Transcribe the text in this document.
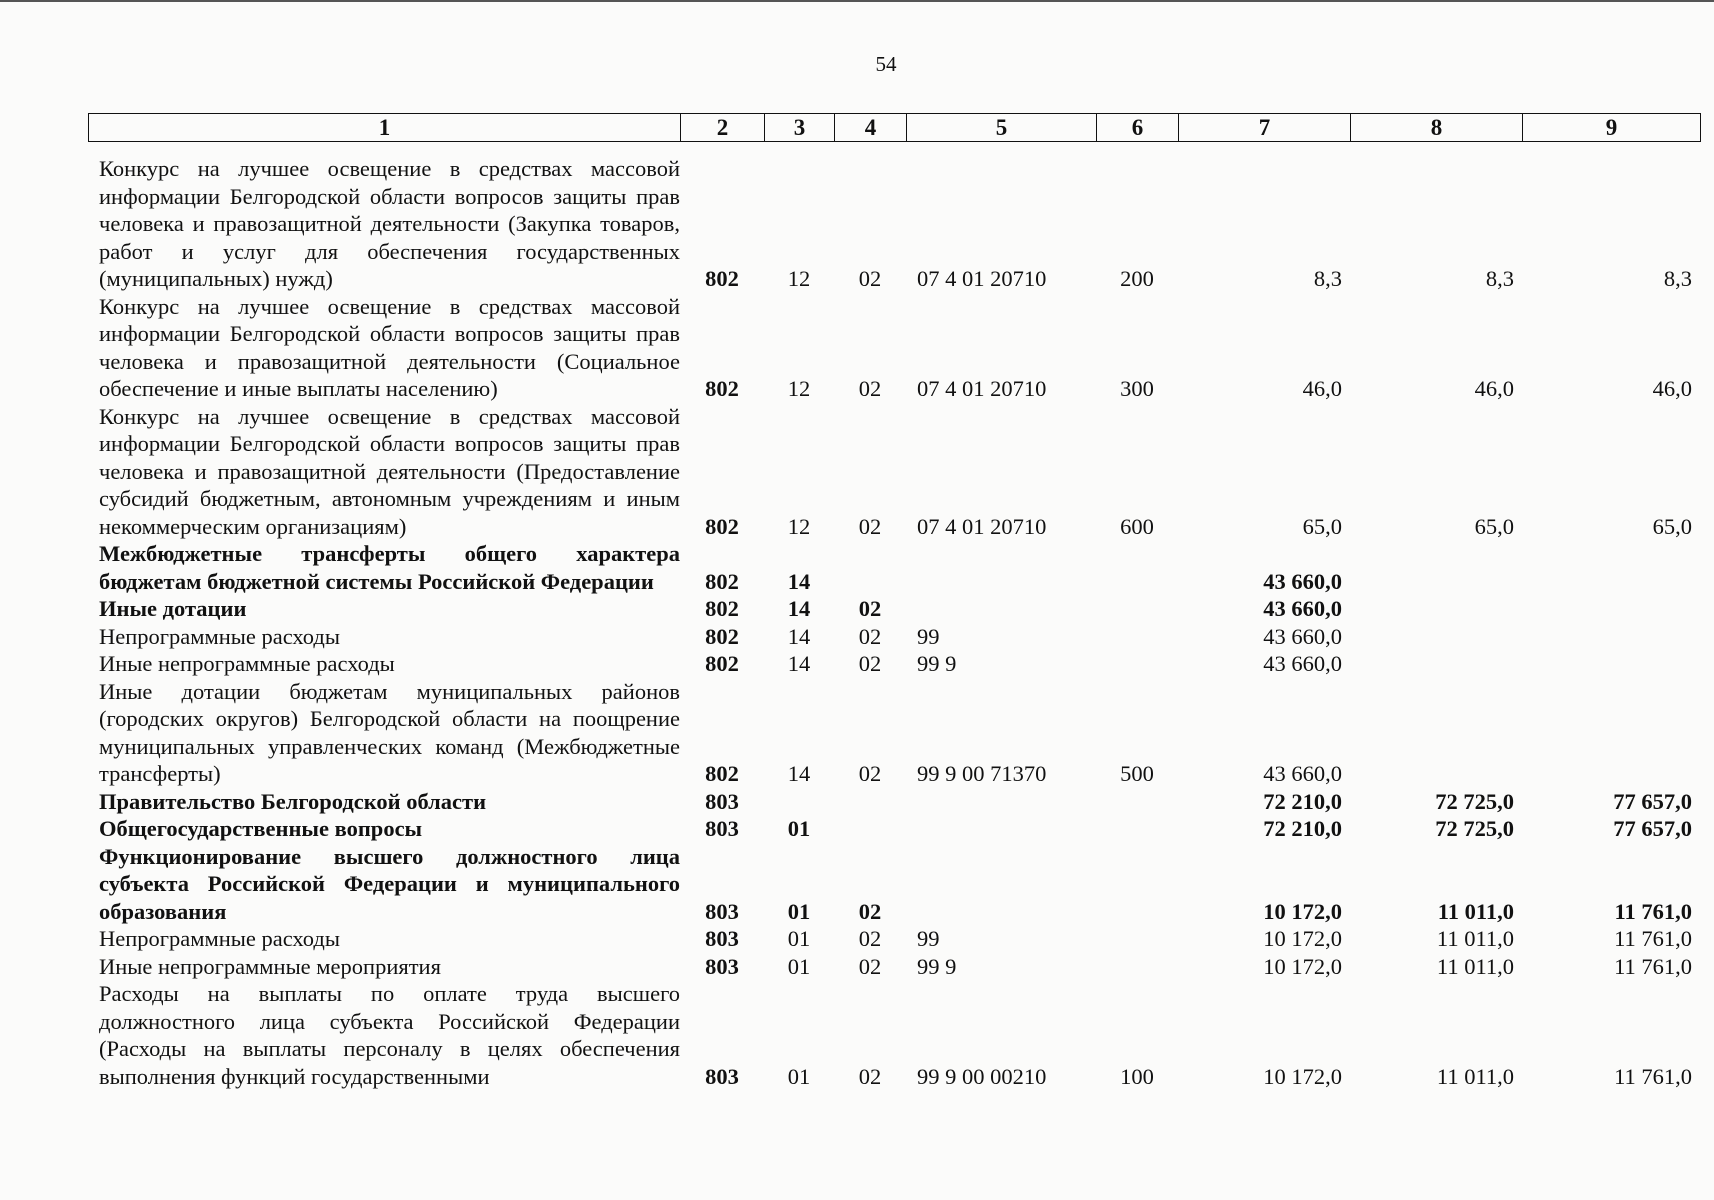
54
1	2	3	4	5	6	7	8	9
Конкурс на лучшее освещение в средствах массовой информации Белгородской области вопросов защиты прав человека и правозащитной деятельности (Закупка товаров, работ и услуг для обеспечения государственных (муниципальных) нужд)	802	12	02	07 4 01 20710	200	8,3	8,3	8,3
Конкурс на лучшее освещение в средствах массовой информации Белгородской области вопросов защиты прав человека и правозащитной деятельности (Социальное обеспечение и иные выплаты населению)	802	12	02	07 4 01 20710	300	46,0	46,0	46,0
Конкурс на лучшее освещение в средствах массовой информации Белгородской области вопросов защиты прав человека и правозащитной деятельности (Предоставление субсидий бюджетным, автономным учреждениям и иным некоммерческим организациям)	802	12	02	07 4 01 20710	600	65,0	65,0	65,0
Межбюджетные трансферты общего характера бюджетам бюджетной системы Российской Федерации	802	14				43 660,0		
Иные дотации	802	14	02			43 660,0		
Непрограммные расходы	802	14	02	99		43 660,0		
Иные непрограммные расходы	802	14	02	99 9		43 660,0		
Иные дотации бюджетам муниципальных районов (городских округов) Белгородской области на поощрение муниципальных управленческих команд (Межбюджетные трансферты)	802	14	02	99 9 00 71370	500	43 660,0		
Правительство Белгородской области	803					72 210,0	72 725,0	77 657,0
Общегосударственные вопросы	803	01				72 210,0	72 725,0	77 657,0
Функционирование высшего должностного лица субъекта Российской Федерации и муниципального образования	803	01	02			10 172,0	11 011,0	11 761,0
Непрограммные расходы	803	01	02	99		10 172,0	11 011,0	11 761,0
Иные непрограммные мероприятия	803	01	02	99 9		10 172,0	11 011,0	11 761,0
Расходы на выплаты по оплате труда высшего должностного лица субъекта Российской Федерации (Расходы на выплаты персоналу в целях обеспечения выполнения функций государственными	803	01	02	99 9 00 00210	100	10 172,0	11 011,0	11 761,0
